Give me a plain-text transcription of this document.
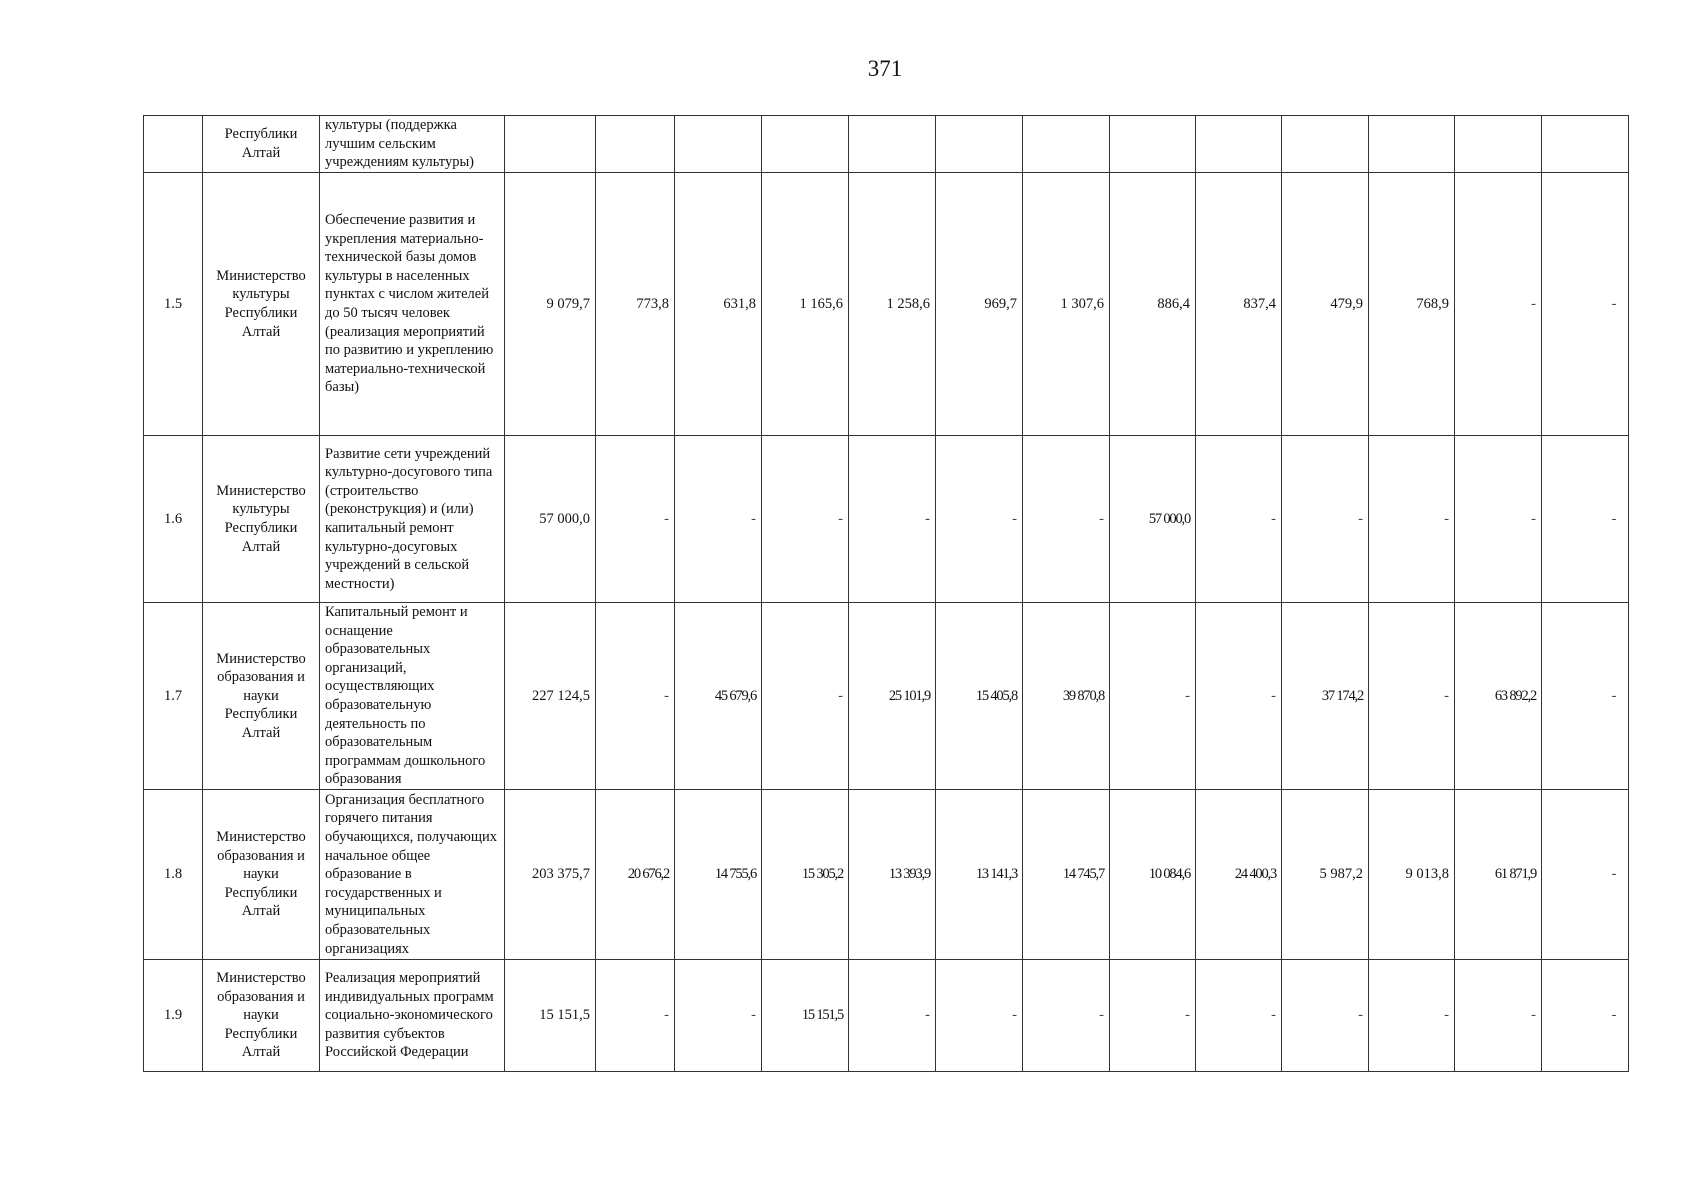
371
	Республики Алтай	культуры (поддержка лучшим сельским учреждениям культуры)													
1.5	Министерство культуры Республики Алтай	Обеспечение развития и укрепления материально-технической базы домов культуры в населенных пунктах с числом жителей до 50 тысяч человек (реализация мероприятий по развитию и укреплению материально-технической базы)	9 079,7	773,8	631,8	1 165,6	1 258,6	969,7	1 307,6	886,4	837,4	479,9	768,9	-	-
1.6	Министерство культуры Республики Алтай	Развитие сети учреждений культурно-досугового типа (строительство (реконструкция) и (или) капитальный ремонт культурно-досуговых учреждений в сельской местности)	57 000,0	-	-	-	-	-	-	57 000,0	-	-	-	-	-
1.7	Министерство образования и науки Республики Алтай	Капитальный ремонт и оснащение образовательных организаций, осуществляющих образовательную деятельность по образовательным программам дошкольного образования	227 124,5	-	45 679,6	-	25 101,9	15 405,8	39 870,8	-	-	37 174,2	-	63 892,2	-
1.8	Министерство образования и науки Республики Алтай	Организация бесплатного горячего питания обучающихся, получающих начальное общее образование в государственных и муниципальных образовательных организациях	203 375,7	20 676,2	14 755,6	15 305,2	13 393,9	13 141,3	14 745,7	10 084,6	24 400,3	5 987,2	9 013,8	61 871,9	-
1.9	Министерство образования и науки Республики Алтай	Реализация мероприятий индивидуальных программ социально-экономического развития субъектов Российской Федерации	15 151,5	-	-	15 151,5	-	-	-	-	-	-	-	-	-
